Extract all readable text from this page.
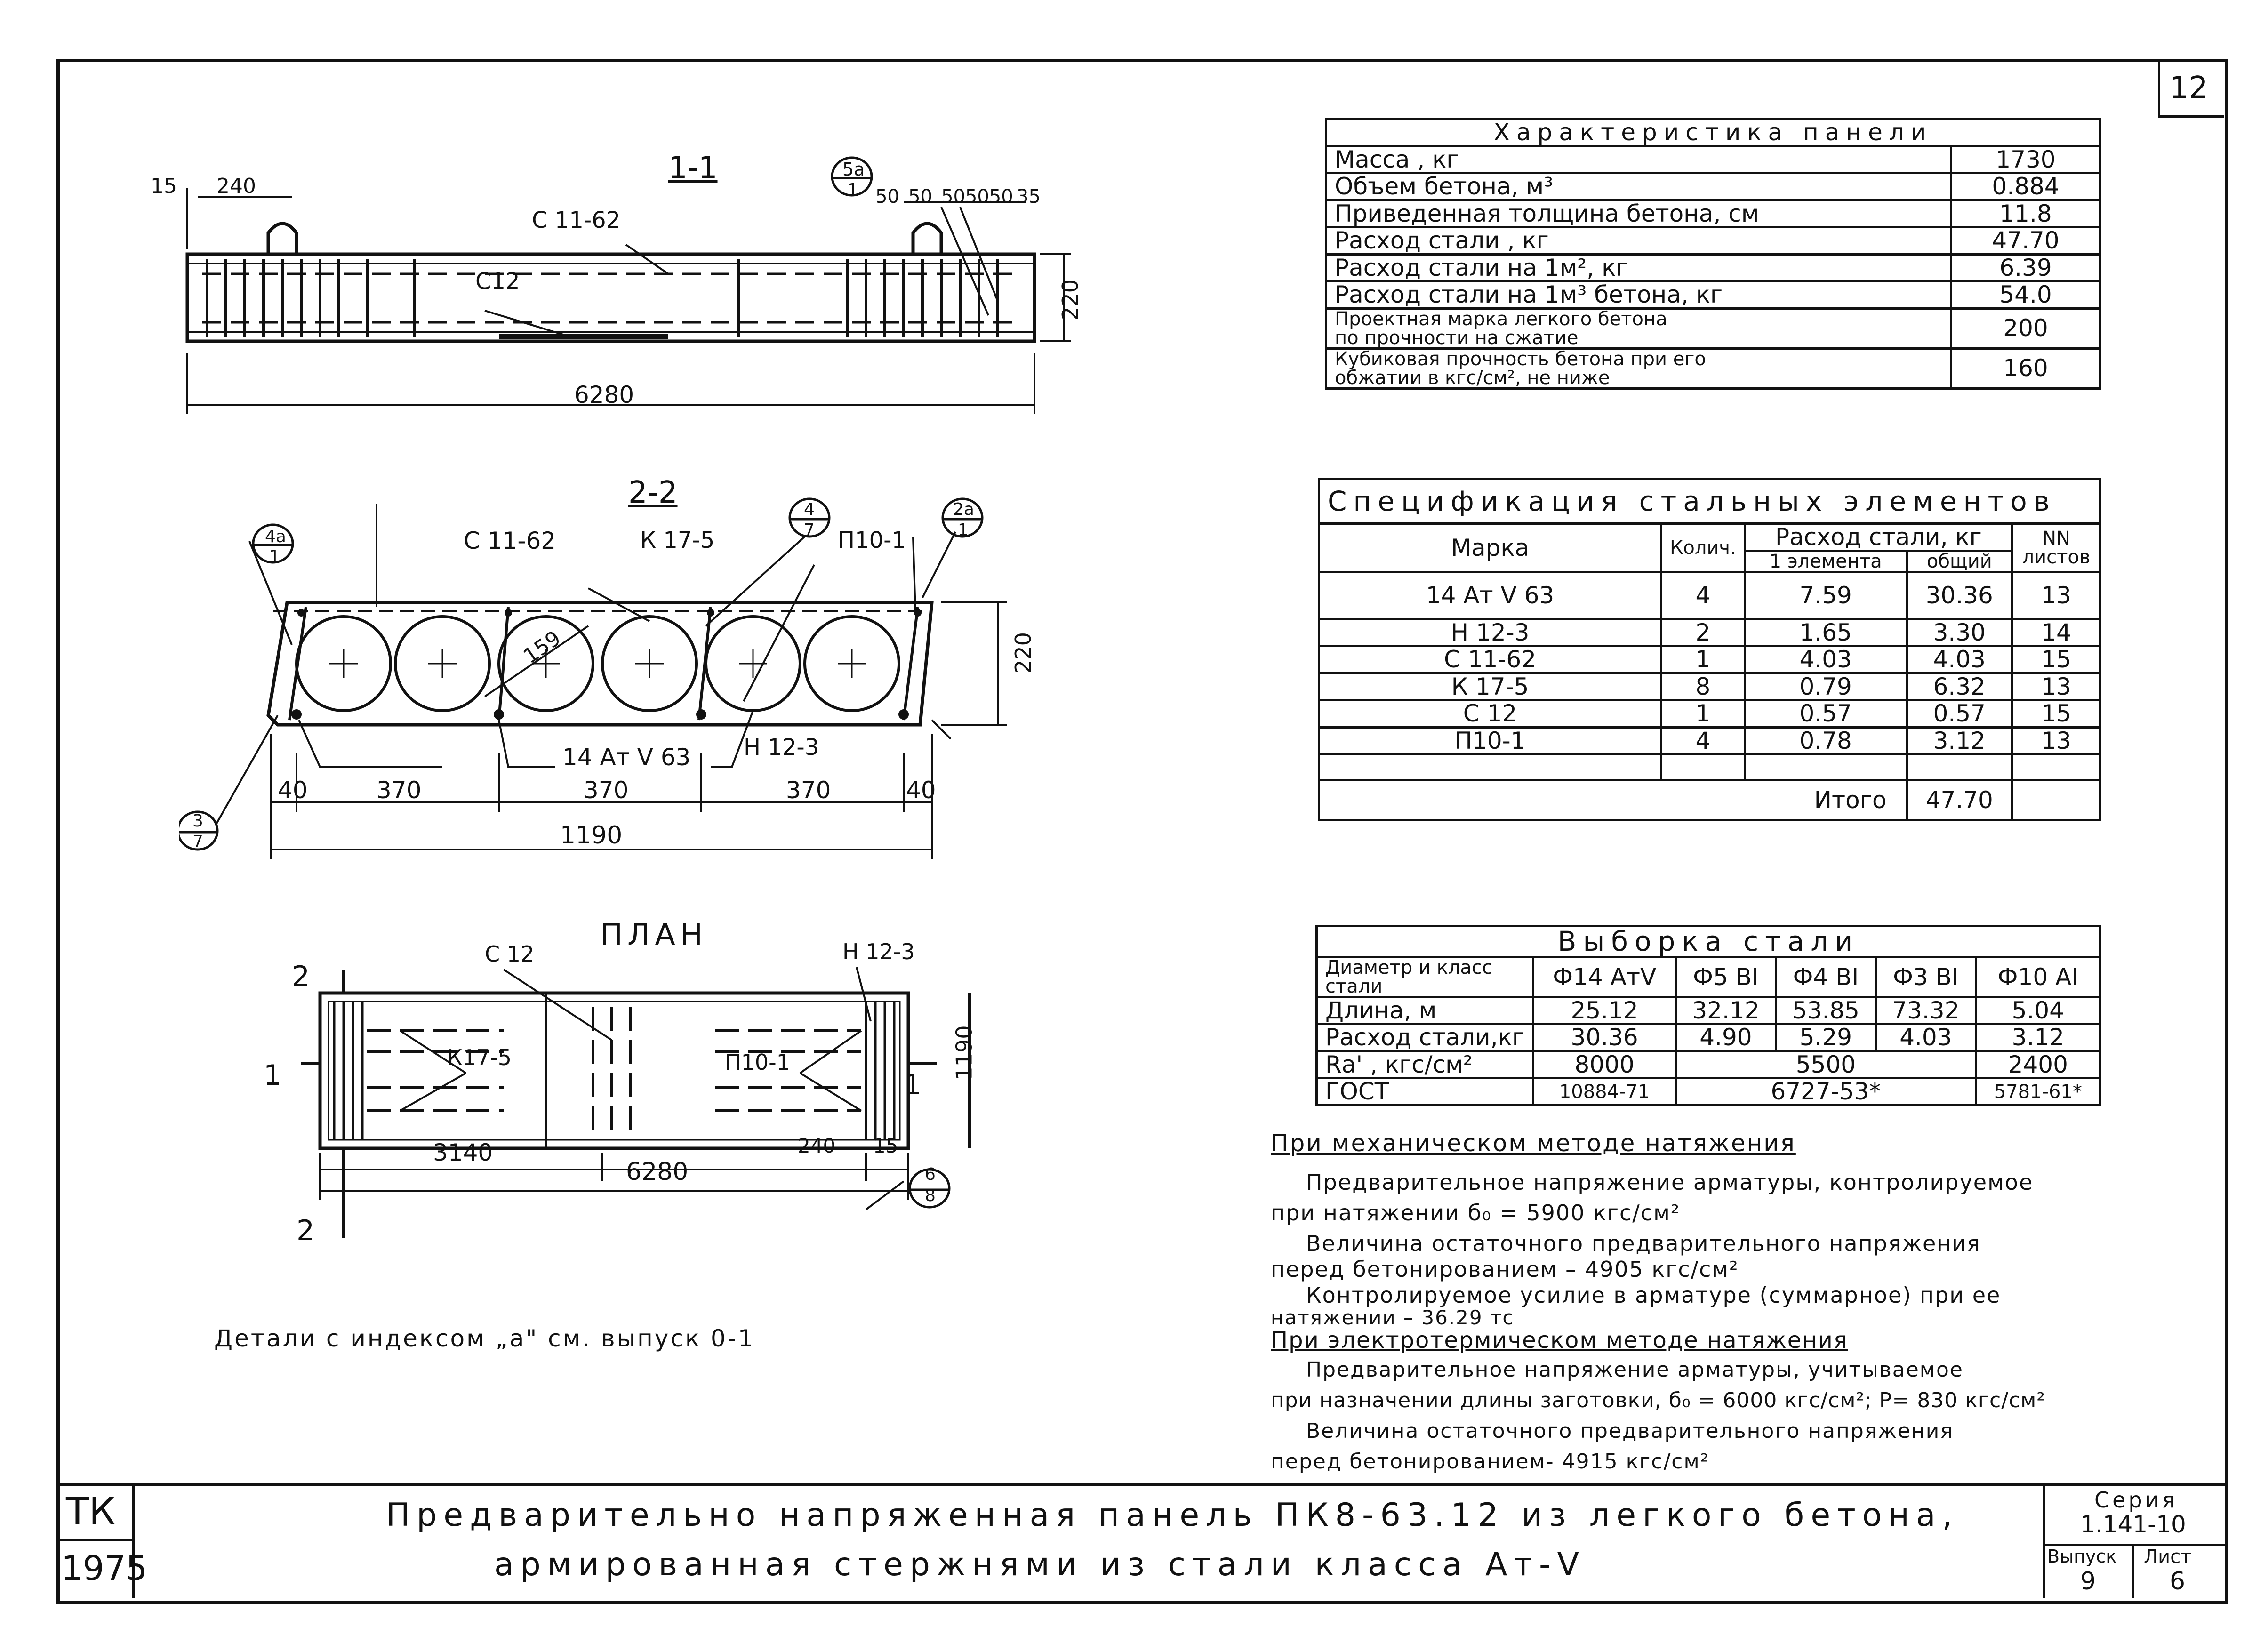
12
1-1
С 11-62
С12
5а
1
15 240	50 50 505050 35
220
6280
2-2
С 11-62	К 17-5	П10-1
14 Ат V 63 Н 12-3
4а
1
4
7
2а
1
3
7
159	220
40	370	370	370	40
1190
ПЛАН
С 12	Н 12-3
К17-5	П10-1
2
2
1	1
1190
3140	240 15
6280	6
8
Детали с индексом „а" см. выпуск 0-1
Характеристика панели	
Масса , кг	1730
Объем бетона, м³	0.884
Приведенная толщина бетона, см	11.8
Расход стали , кг	47.70
Расход стали на 1м², кг	6.39
Расход стали на 1м³ бетона, кг	54.0

Проектная марка легкого бетона
по прочности на сжатие	200

Кубиковая прочность бетона при его
обжатии в кгс/см², не ниже	160
Спецификация стальных элементов				
Марка	Колич.	Расход стали, кг		NN листов
		1 элемента	общий	
14 Ат V 63	4	7.59	30.36	13
Н 12-3	2	1.65	3.30	14
С 11-62	1	4.03	4.03	15
К 17-5	8	0.79	6.32	13
С 12	1	0.57	0.57	15
П10-1	4	0.78	3.12	13

Итого			47.70	
Выборка стали					
Диаметр и класс стали	Ф14 АтV	Ф5 ВI	Ф4 ВI	Ф3 ВI	Ф10 АI
Длина, м	25.12	32.12	53.85	73.32	5.04
Расход стали,кг	30.36	4.90	5.29	4.03	3.12
Rа' , кгс/см²	8000	5500			2400
ГОСТ	10884-71	6727-53*			5781-61*
При механическом методе натяжения
Предварительное напряжение арматуры, контролируемое
при натяжении б₀ = 5900 кгс/см²
Величина остаточного предварительного напряжения
перед бетонированием – 4905 кгс/см²
Контролируемое усилие в арматуре (суммарное) при ее
натяжении – 36.29 тс
При электротермическом методе натяжения
Предварительное напряжение арматуры, учитываемое
при назначении длины заготовки, б₀ = 6000 кгс/см²; Р= 830 кгс/см²
Величина остаточного предварительного напряжения
перед бетонированием- 4915 кгс/см²
ТК
1975
Предварительно напряженная панель ПК8-63.12 из легкого бетона,
армированная стержнями из стали класса Ат-V
Серия
1.141-10
Выпуск
9
Лист
6
